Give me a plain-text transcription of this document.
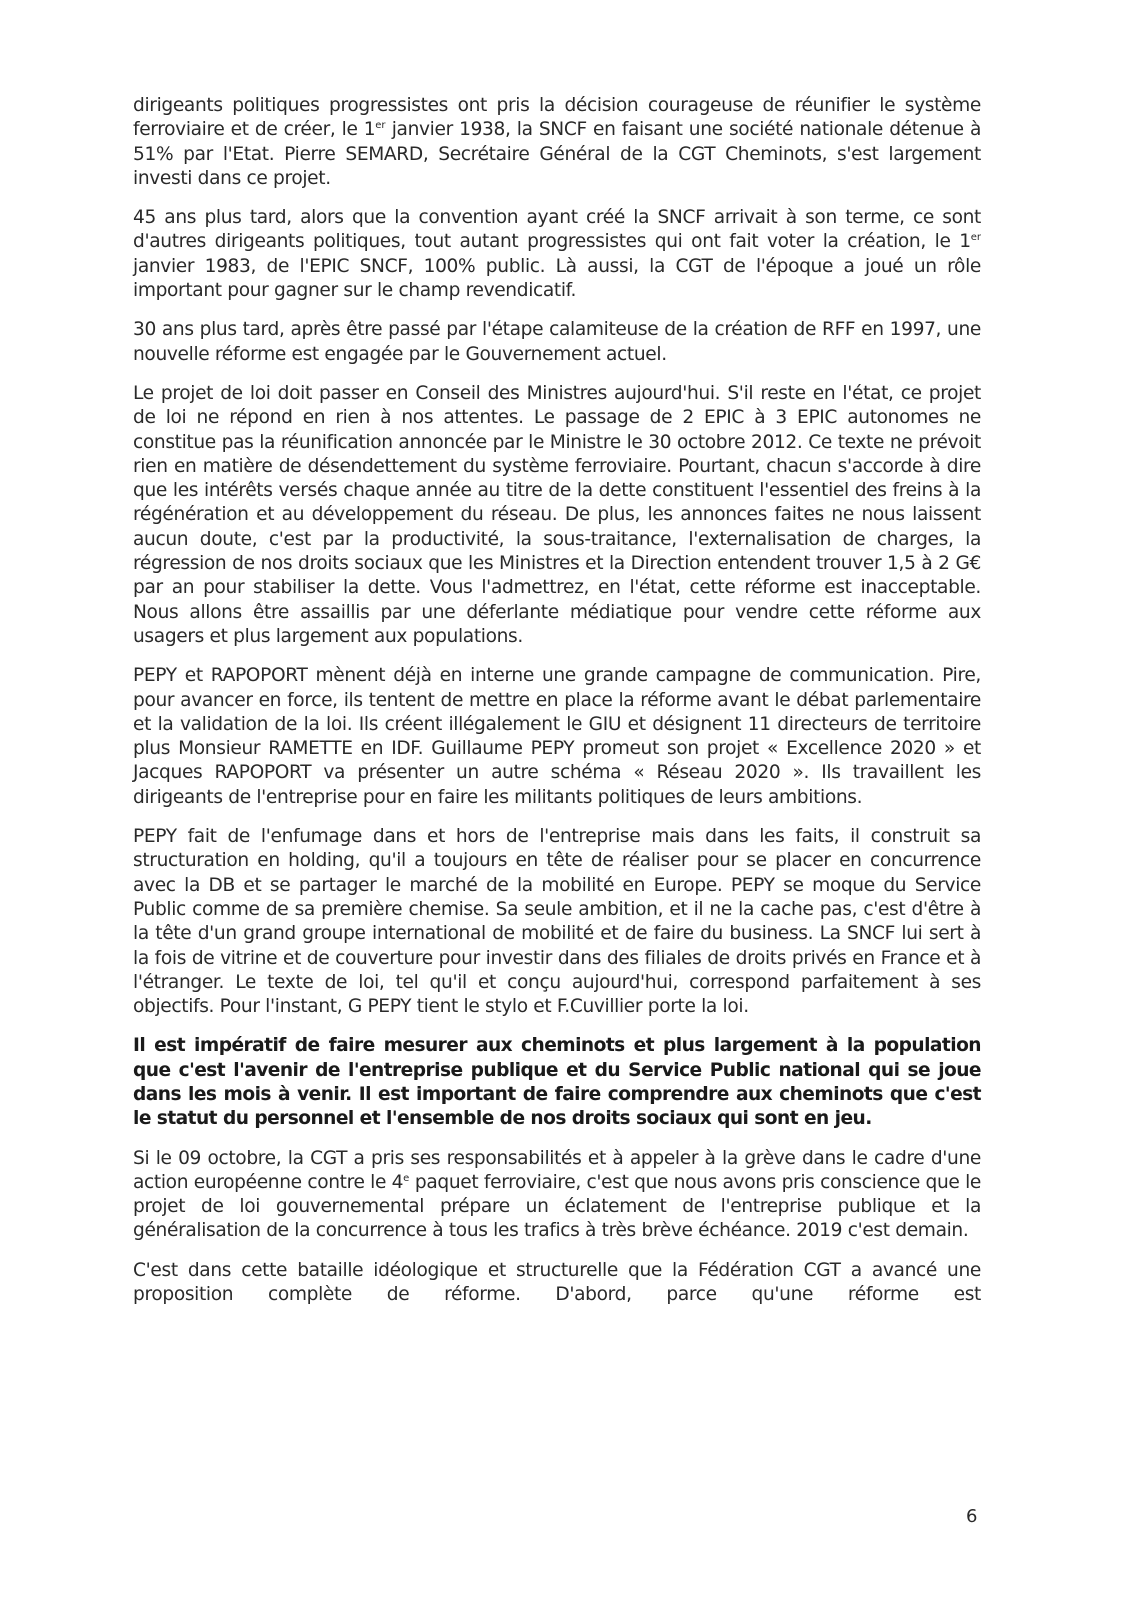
dirigeants politiques progressistes ont pris la décision courageuse de réunifier le système ferroviaire et de créer, le 1er janvier 1938, la SNCF en faisant une société nationale détenue à 51% par l'Etat. Pierre SEMARD, Secrétaire Général de la CGT Cheminots, s'est largement investi dans ce projet.

45 ans plus tard, alors que la convention ayant créé la SNCF arrivait à son terme, ce sont d'autres dirigeants politiques, tout autant progressistes qui ont fait voter la création, le 1er janvier 1983, de l'EPIC SNCF, 100% public. Là aussi, la CGT de l'époque a joué un rôle important pour gagner sur le champ revendicatif.

30 ans plus tard, après être passé par l'étape calamiteuse de la création de RFF en 1997, une nouvelle réforme est engagée par le Gouvernement actuel.

Le projet de loi doit passer en Conseil des Ministres aujourd'hui. S'il reste en l'état, ce projet de loi ne répond en rien à nos attentes. Le passage de 2 EPIC à 3 EPIC autonomes ne constitue pas la réunification annoncée par le Ministre le 30 octobre 2012. Ce texte ne prévoit rien en matière de désendettement du système ferroviaire. Pourtant, chacun s'accorde à dire que les intérêts versés chaque année au titre de la dette constituent l'essentiel des freins à la régénération et au développement du réseau. De plus, les annonces faites ne nous laissent aucun doute, c'est par la productivité, la sous-traitance, l'externalisation de charges, la régression de nos droits sociaux que les Ministres et la Direction entendent trouver 1,5 à 2 G€ par an pour stabiliser la dette. Vous l'admettrez, en l'état, cette réforme est inacceptable. Nous allons être assaillis par une déferlante médiatique pour vendre cette réforme aux usagers et plus largement aux populations.

PEPY et RAPOPORT mènent déjà en interne une grande campagne de communication. Pire, pour avancer en force, ils tentent de mettre en place la réforme avant le débat parlementaire et la validation de la loi. Ils créent illégalement le GIU et désignent 11 directeurs de territoire plus Monsieur RAMETTE en IDF. Guillaume PEPY promeut son projet « Excellence 2020 » et Jacques RAPOPORT va présenter un autre schéma « Réseau 2020 ». Ils travaillent les dirigeants de l'entreprise pour en faire les militants politiques de leurs ambitions.

PEPY fait de l'enfumage dans et hors de l'entreprise mais dans les faits, il construit sa structuration en holding, qu'il a toujours en tête de réaliser pour se placer en concurrence avec la DB et se partager le marché de la mobilité en Europe. PEPY se moque du Service Public comme de sa première chemise. Sa seule ambition, et il ne la cache pas, c'est d'être à la tête d'un grand groupe international de mobilité et de faire du business. La SNCF lui sert à la fois de vitrine et de couverture pour investir dans des filiales de droits privés en France et à l'étranger. Le texte de loi, tel qu'il et conçu aujourd'hui, correspond parfaitement à ses objectifs. Pour l'instant, G PEPY tient le stylo et F.Cuvillier porte la loi.

Il est impératif de faire mesurer aux cheminots et plus largement à la population que c'est l'avenir de l'entreprise publique et du Service Public national qui se joue dans les mois à venir. Il est important de faire comprendre aux cheminots que c'est le statut du personnel et l'ensemble de nos droits sociaux qui sont en jeu.

Si le 09 octobre, la CGT a pris ses responsabilités et à appeler à la grève dans le cadre d'une action européenne contre le 4e paquet ferroviaire, c'est que nous avons pris conscience que le projet de loi gouvernemental prépare un éclatement de l'entreprise publique et la généralisation de la concurrence à tous les trafics à très brève échéance. 2019 c'est demain.

C'est dans cette bataille idéologique et structurelle que la Fédération CGT a avancé une proposition complète de réforme. D'abord, parce qu'une réforme est

6
